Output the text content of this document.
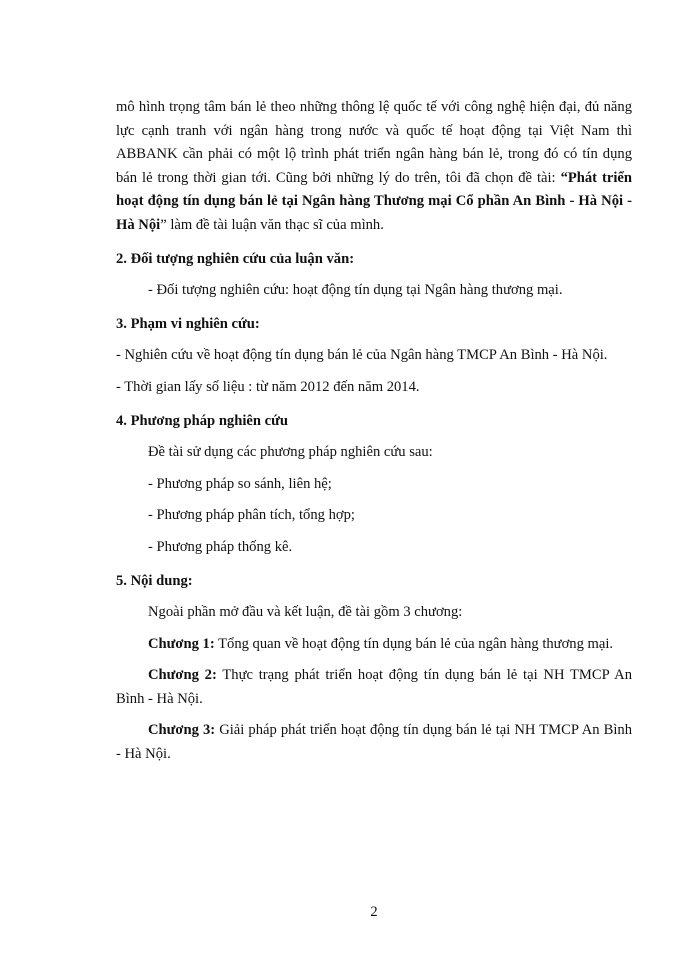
mô hình trọng tâm bán lẻ theo những thông lệ quốc tế với công nghệ hiện đại, đủ năng lực cạnh tranh với ngân hàng trong nước và quốc tế hoạt động tại Việt Nam thì ABBANK cần phải có một lộ trình phát triển ngân hàng bán lẻ, trong đó có tín dụng bán lẻ trong thời gian tới. Cũng bởi những lý do trên, tôi đã chọn đề tài: “Phát triển hoạt động tín dụng bán lẻ tại Ngân hàng Thương mại Cổ phần An Bình - Hà Nội - Hà Nội” làm đề tài luận văn thạc sĩ của mình.

2. Đối tượng nghiên cứu của luận văn:

- Đối tượng nghiên cứu: hoạt động tín dụng tại Ngân hàng thương mại.

3. Phạm vi nghiên cứu:

- Nghiên cứu về hoạt động tín dụng bán lẻ của Ngân hàng TMCP An Bình - Hà Nội.

- Thời gian lấy số liệu : từ năm 2012 đến năm 2014.

4. Phương pháp nghiên cứu

Đề tài sử dụng các phương pháp nghiên cứu sau:

- Phương pháp so sánh, liên hệ;

- Phương pháp phân tích, tổng hợp;

- Phương pháp thống kê.

5. Nội dung:

Ngoài phần mở đầu và kết luận, đề tài gồm 3 chương:

Chương 1: Tổng quan về hoạt động tín dụng bán lẻ của ngân hàng thương mại.

Chương 2: Thực trạng phát triển hoạt động tín dụng bán lẻ tại NH TMCP An Bình - Hà Nội.

Chương 3: Giải pháp phát triển hoạt động tín dụng bán lẻ tại NH TMCP An Bình - Hà Nội.

2
